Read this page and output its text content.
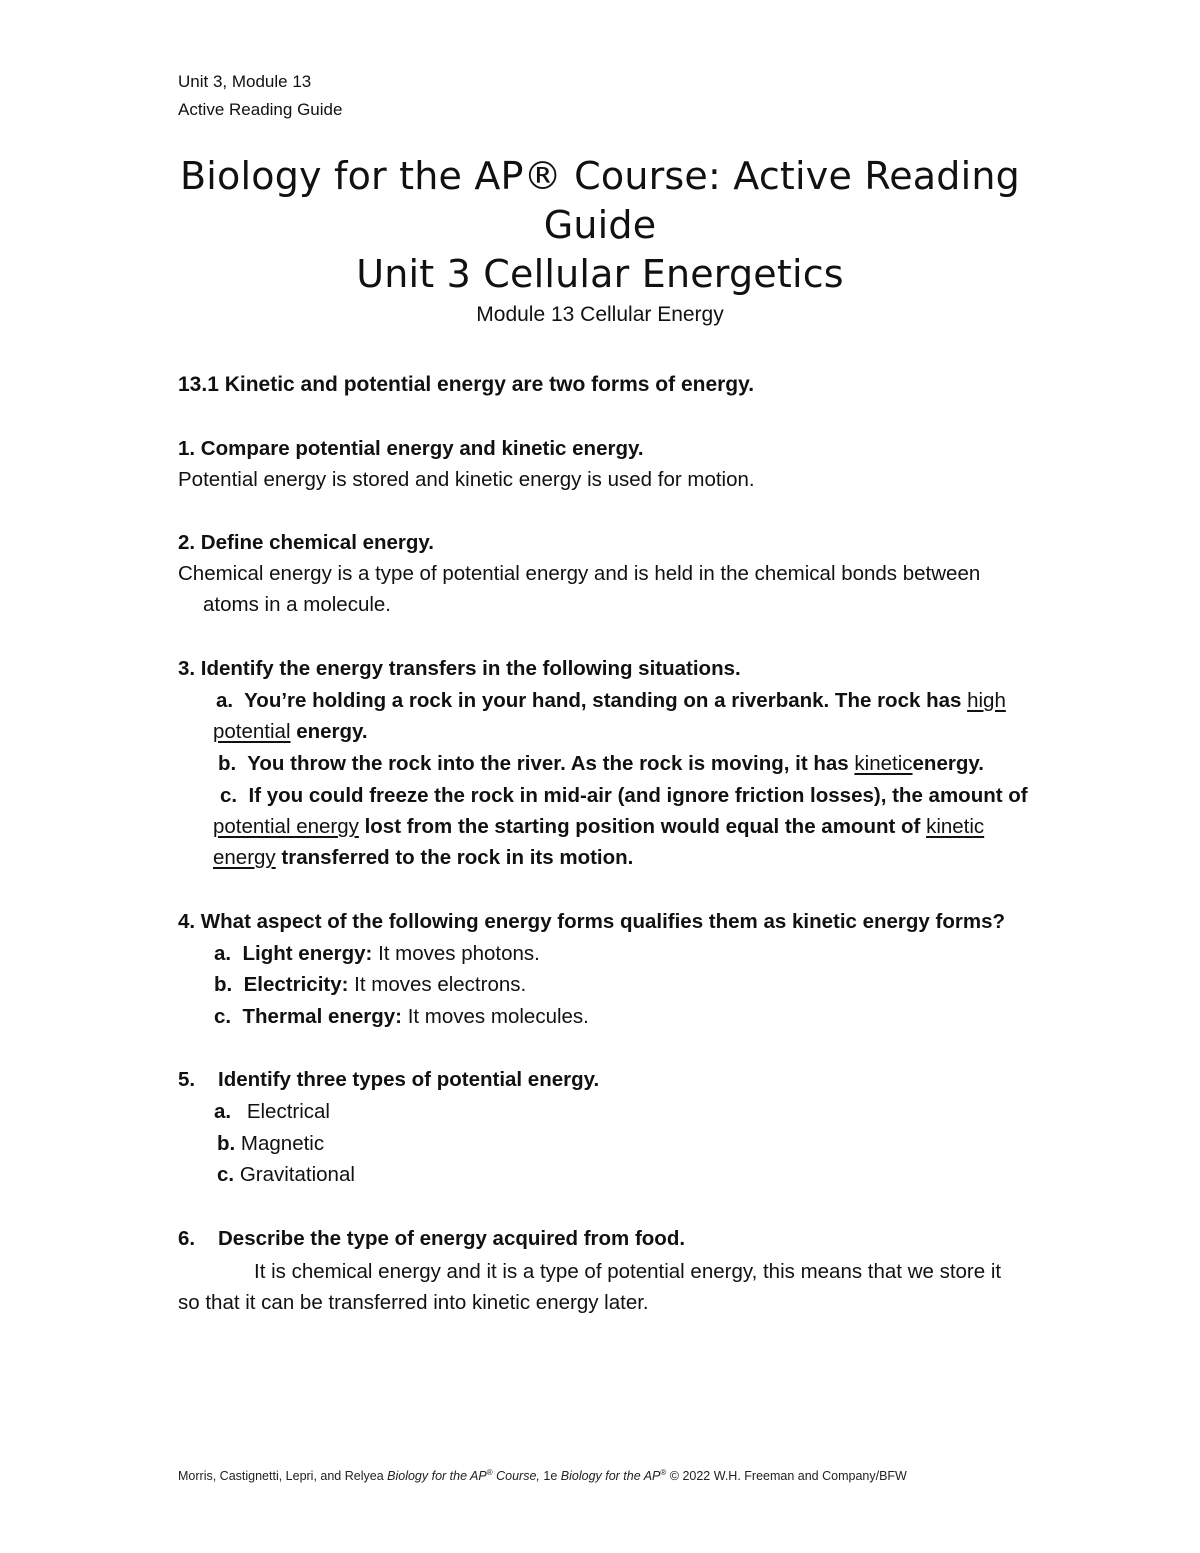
Unit 3, Module 13
Active Reading Guide
Biology for the AP® Course: Active Reading
Guide
Unit 3 Cellular Energetics
Module 13 Cellular Energy
13.1 Kinetic and potential energy are two forms of energy.
1. Compare potential energy and kinetic energy.
Potential energy is stored and kinetic energy is used for motion.
2. Define chemical energy.
Chemical energy is a type of potential energy and is held in the chemical bonds between
atoms in a molecule.
3. Identify the energy transfers in the following situations.
a. You’re holding a rock in your hand, standing on a riverbank. The rock has high
potential energy.
b. You throw the rock into the river. As the rock is moving, it has kineticenergy.
c. If you could freeze the rock in mid-air (and ignore friction losses), the amount of
potential energy lost from the starting position would equal the amount of kinetic
energy transferred to the rock in its motion.
4. What aspect of the following energy forms qualifies them as kinetic energy forms?
a. Light energy: It moves photons.
b. Electricity: It moves electrons.
c. Thermal energy: It moves molecules.
5. Identify three types of potential energy.
a. Electrical
b. Magnetic
c. Gravitational
6. Describe the type of energy acquired from food.
It is chemical energy and it is a type of potential energy, this means that we store it
so that it can be transferred into kinetic energy later.
Morris, Castignetti, Lepri, and Relyea Biology for the AP® Course, 1e Biology for the AP® © 2022 W.H. Freeman and Company/BFW
